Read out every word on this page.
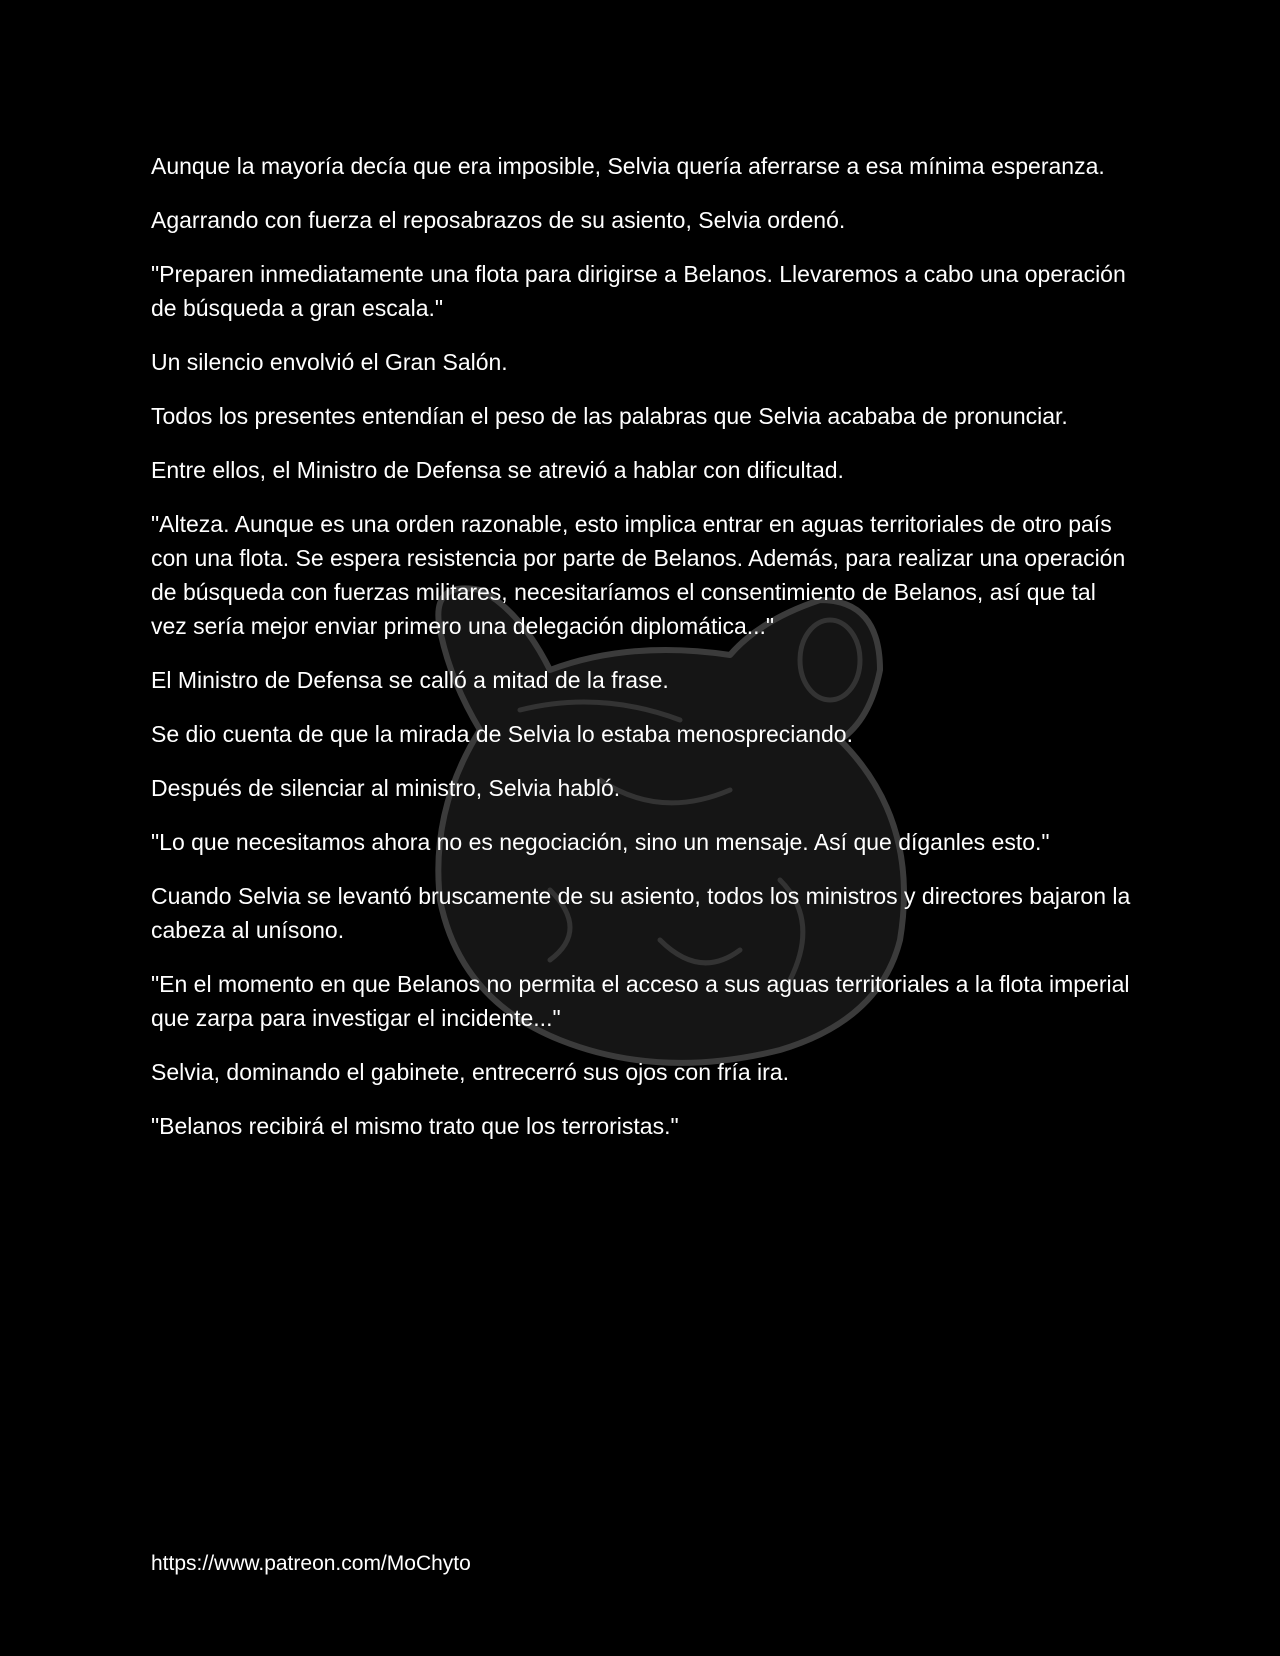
Aunque la mayoría decía que era imposible, Selvia quería aferrarse a esa mínima esperanza.

Agarrando con fuerza el reposabrazos de su asiento, Selvia ordenó.

"Preparen inmediatamente una flota para dirigirse a Belanos. Llevaremos a cabo una operación de búsqueda a gran escala."

Un silencio envolvió el Gran Salón.

Todos los presentes entendían el peso de las palabras que Selvia acababa de pronunciar.

Entre ellos, el Ministro de Defensa se atrevió a hablar con dificultad.

"Alteza. Aunque es una orden razonable, esto implica entrar en aguas territoriales de otro país con una flota. Se espera resistencia por parte de Belanos. Además, para realizar una operación de búsqueda con fuerzas militares, necesitaríamos el consentimiento de Belanos, así que tal vez sería mejor enviar primero una delegación diplomática..."

El Ministro de Defensa se calló a mitad de la frase.

Se dio cuenta de que la mirada de Selvia lo estaba menospreciando.

Después de silenciar al ministro, Selvia habló.

"Lo que necesitamos ahora no es negociación, sino un mensaje. Así que díganles esto."

Cuando Selvia se levantó bruscamente de su asiento, todos los ministros y directores bajaron la cabeza al unísono.

"En el momento en que Belanos no permita el acceso a sus aguas territoriales a la flota imperial que zarpa para investigar el incidente..."

Selvia, dominando el gabinete, entrecerró sus ojos con fría ira.

"Belanos recibirá el mismo trato que los terroristas."

https://www.patreon.com/MoChyto
